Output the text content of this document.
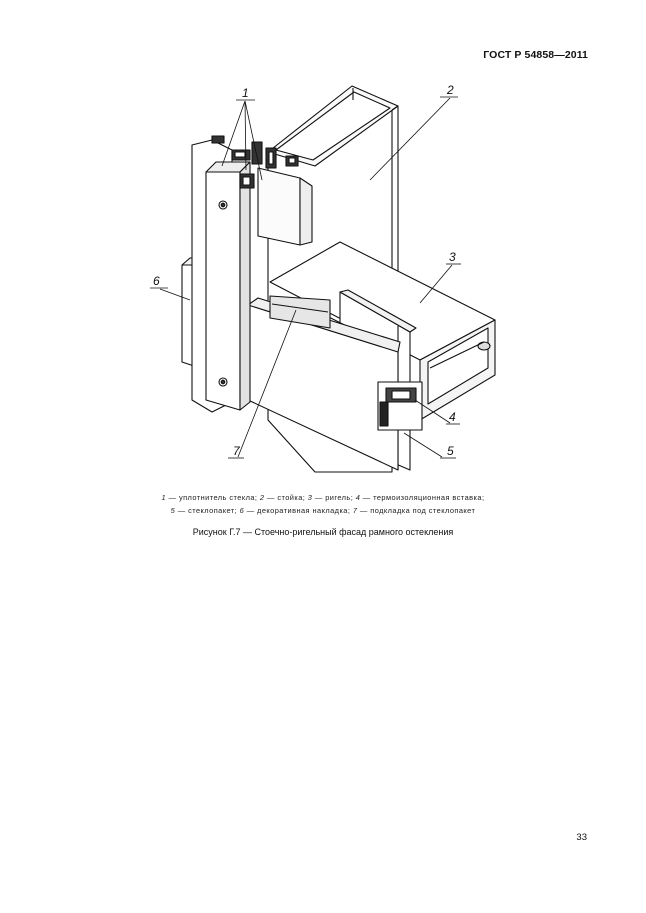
ГОСТ Р 54858—2011
1	2
3
6
4
5
7
1 — уплотнитель стекла; 2 — стойка; 3 — ригель; 4 — термоизоляционная вставка;
5 — стеклопакет; 6 — декоративная накладка; 7 — подкладка под стеклопакет
Рисунок Г.7 — Стоечно-ригельный фасад рамного остекления
33
